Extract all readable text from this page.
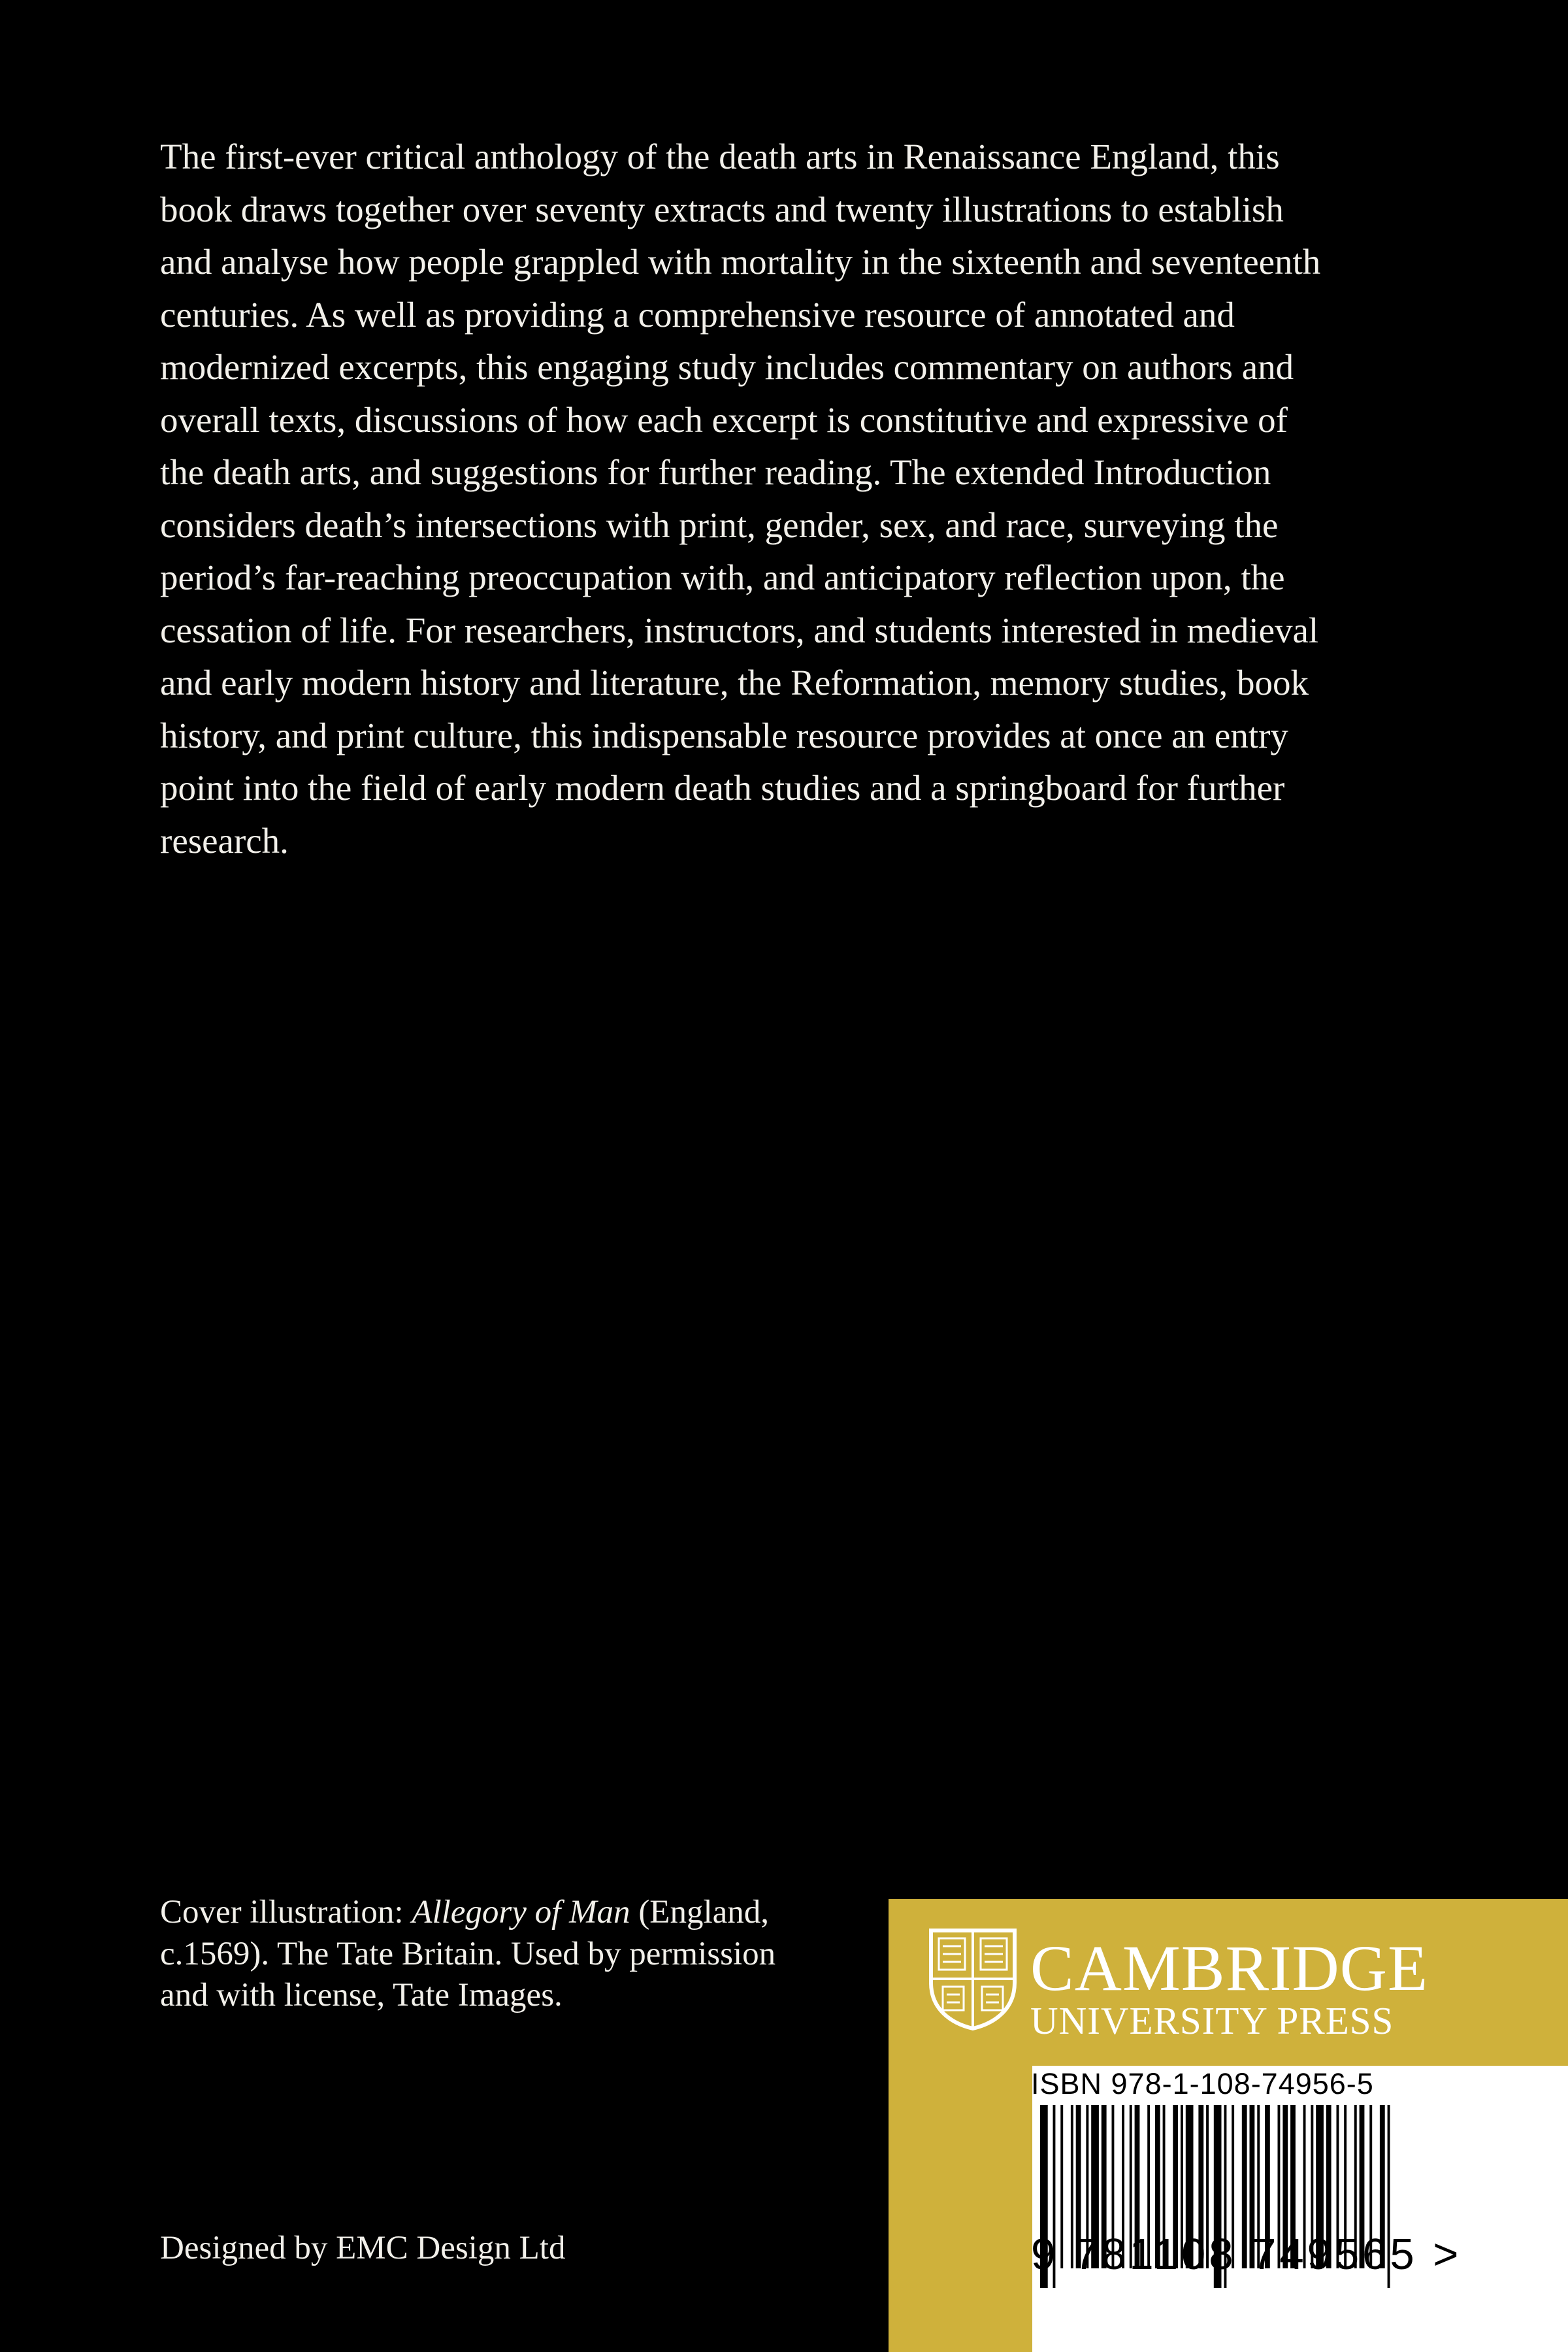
The first-ever critical anthology of the death arts in Renaissance England, this book draws together over seventy extracts and twenty illustrations to establish and analyse how people grappled with mortality in the sixteenth and seventeenth centuries. As well as providing a comprehensive resource of annotated and modernized excerpts, this engaging study includes commentary on authors and overall texts, discussions of how each excerpt is constitutive and expressive of the death arts, and suggestions for further reading. The extended Introduction considers death’s intersections with print, gender, sex, and race, surveying the period’s far-reaching preoccupation with, and anticipatory reflection upon, the cessation of life. For researchers, instructors, and students interested in medieval and early modern history and literature, the Reformation, memory studies, book history, and print culture, this indispensable resource provides at once an entry point into the field of early modern death studies and a springboard for further research.

Cover illustration: Allegory of Man (England, c.1569). The Tate Britain. Used by permission and with license, Tate Images.

Designed by EMC Design Ltd

CAMBRIDGE
UNIVERSITY PRESS
ISBN 978-1-108-74956-5
9 781108 749565 >
